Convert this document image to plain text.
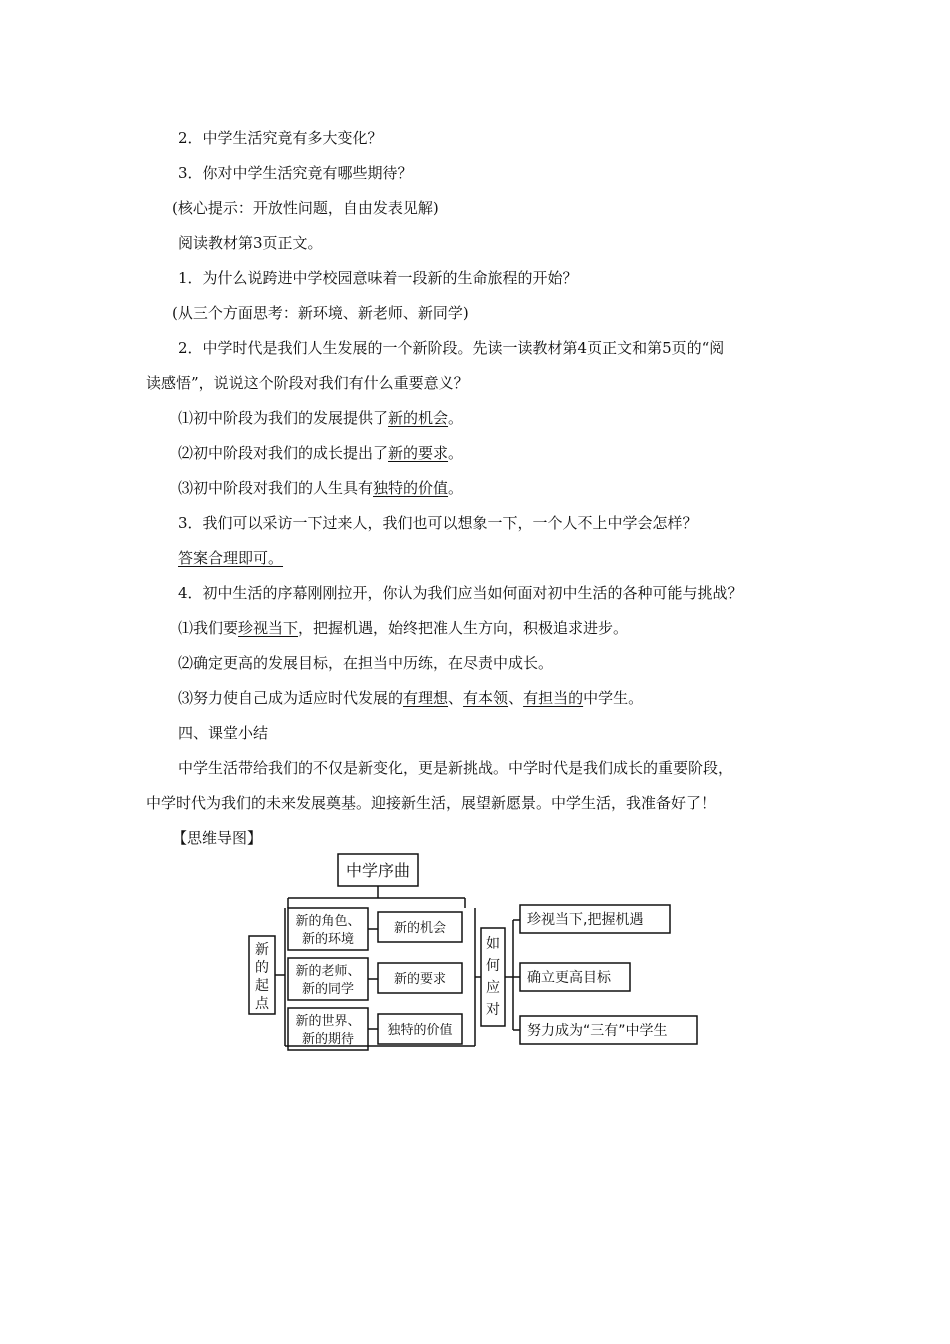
2．中学生活究竟有多大变化？
3．你对中学生活究竟有哪些期待？
(核心提示：开放性问题，自由发表见解)
阅读教材第3页正文。
1．为什么说跨进中学校园意味着一段新的生命旅程的开始？
(从三个方面思考：新环境、新老师、新同学)
2．中学时代是我们人生发展的一个新阶段。先读一读教材第4页正文和第5页的“阅
读感悟”，说说这个阶段对我们有什么重要意义？
⑴初中阶段为我们的发展提供了新的机会。
⑵初中阶段对我们的成长提出了新的要求。
⑶初中阶段对我们的人生具有独特的价值。
3．我们可以采访一下过来人，我们也可以想象一下，一个人不上中学会怎样？
答案合理即可。
4．初中生活的序幕刚刚拉开，你认为我们应当如何面对初中生活的各种可能与挑战？
⑴我们要珍视当下，把握机遇，始终把准人生方向，积极追求进步。
⑵确定更高的发展目标，在担当中历练，在尽责中成长。
⑶努力使自己成为适应时代发展的有理想、有本领、有担当的中学生。
四、课堂小结
中学生活带给我们的不仅是新变化，更是新挑战。中学时代是我们成长的重要阶段，
中学时代为我们的未来发展奠基。迎接新生活，展望新愿景。中学生活，我准备好了！
【思维导图】
中学序曲
新
的
起
点
新的角色、
新的环境
新的老师、
新的同学
新的世界、
新的期待
新的机会
新的要求
独特的价值
如
何
应
对
珍视当下,把握机遇
确立更高目标
努力成为“三有”中学生
